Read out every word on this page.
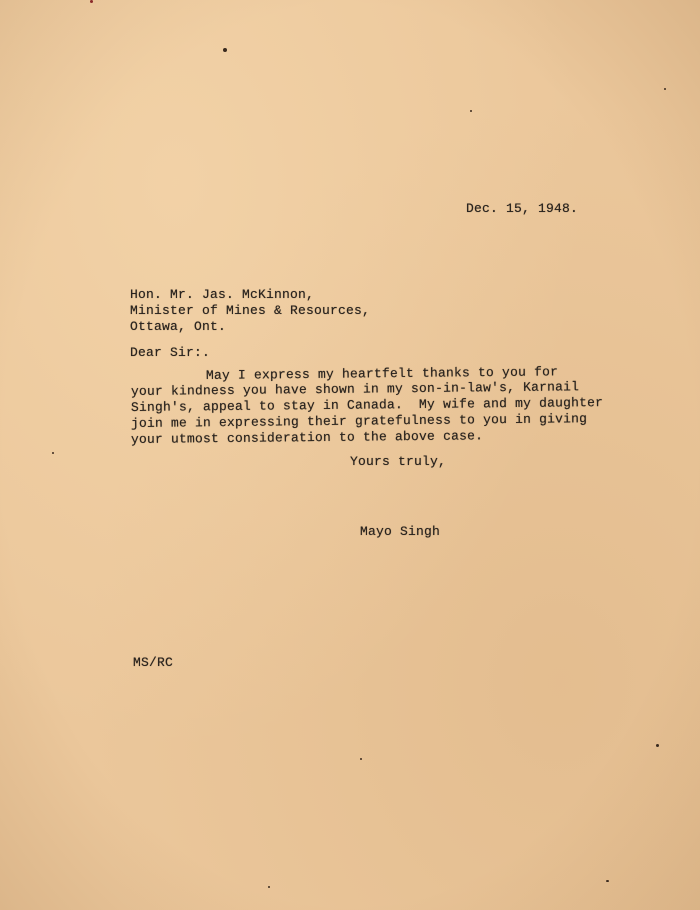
Dec. 15, 1948.
Hon. Mr. Jas. McKinnon,
Minister of Mines & Resources,
Ottawa, Ont.
Dear Sir:.
May I express my heartfelt thanks to you for
your kindness you have shown in my son-in-law's, Karnail
Singh's, appeal to stay in Canada.  My wife and my daughter
join me in expressing their gratefulness to you in giving
your utmost consideration to the above case.
Yours truly,
Mayo Singh
MS/RC
